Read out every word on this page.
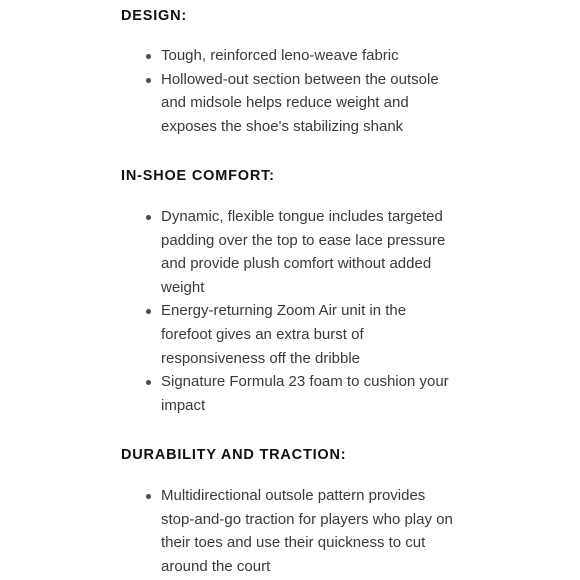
DESIGN:
Tough, reinforced leno-weave fabric
Hollowed-out section between the outsole and midsole helps reduce weight and exposes the shoe's stabilizing shank
IN-SHOE COMFORT:
Dynamic, flexible tongue includes targeted padding over the top to ease lace pressure and provide plush comfort without added weight
Energy-returning Zoom Air unit in the forefoot gives an extra burst of responsiveness off the dribble
Signature Formula 23 foam to cushion your impact
DURABILITY AND TRACTION:
Multidirectional outsole pattern provides stop-and-go traction for players who play on their toes and use their quickness to cut around the court
